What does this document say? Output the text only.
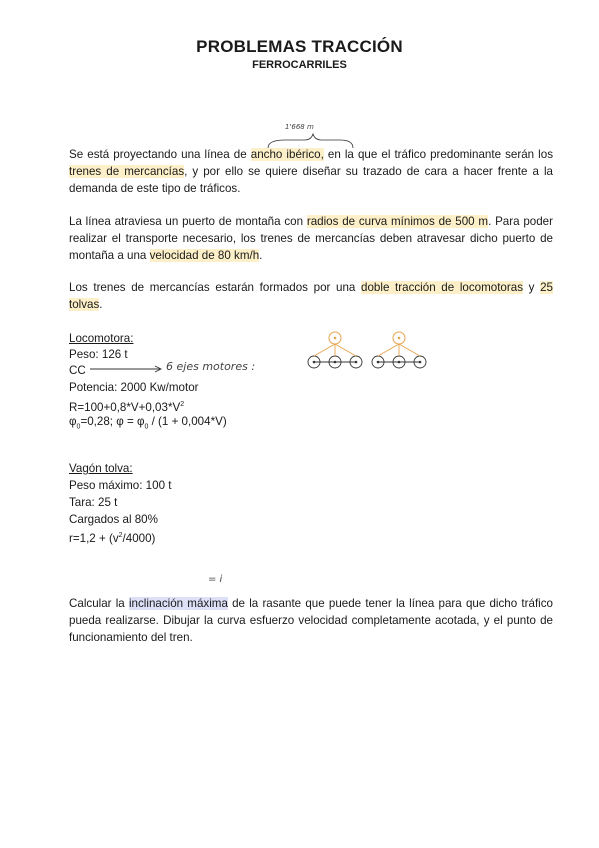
PROBLEMAS TRACCIÓN
FERROCARRILES
1'668 m
Se está proyectando una línea de ancho ibérico, en la que el tráfico predominante serán los trenes de mercancías, y por ello se quiere diseñar su trazado de cara a hacer frente a la demanda de este tipo de tráficos.
La línea atraviesa un puerto de montaña con radios de curva mínimos de 500 m. Para poder realizar el transporte necesario, los trenes de mercancías deben atravesar dicho puerto de montaña a una velocidad de 80 km/h.
Los trenes de mercancías estarán formados por una doble tracción de locomotoras y 25 tolvas.
Locomotora:
Peso: 126 t
CC
Potencia: 2000 Kw/motor
$R=100+0,8*V+0,03*V^2$
$\varphi_0=0,28$; $\varphi = \varphi_0 / (1 + 0,004*V)$
6 ejes motores :
Vagón tolva:
Peso máximo: 100 t
Tara: 25 t
Cargados al 80%
$r=1,2 + (v^2/4000)$
= i
Calcular la inclinación máxima de la rasante que puede tener la línea para que dicho tráfico pueda realizarse. Dibujar la curva esfuerzo velocidad completamente acotada, y el punto de funcionamiento del tren.
